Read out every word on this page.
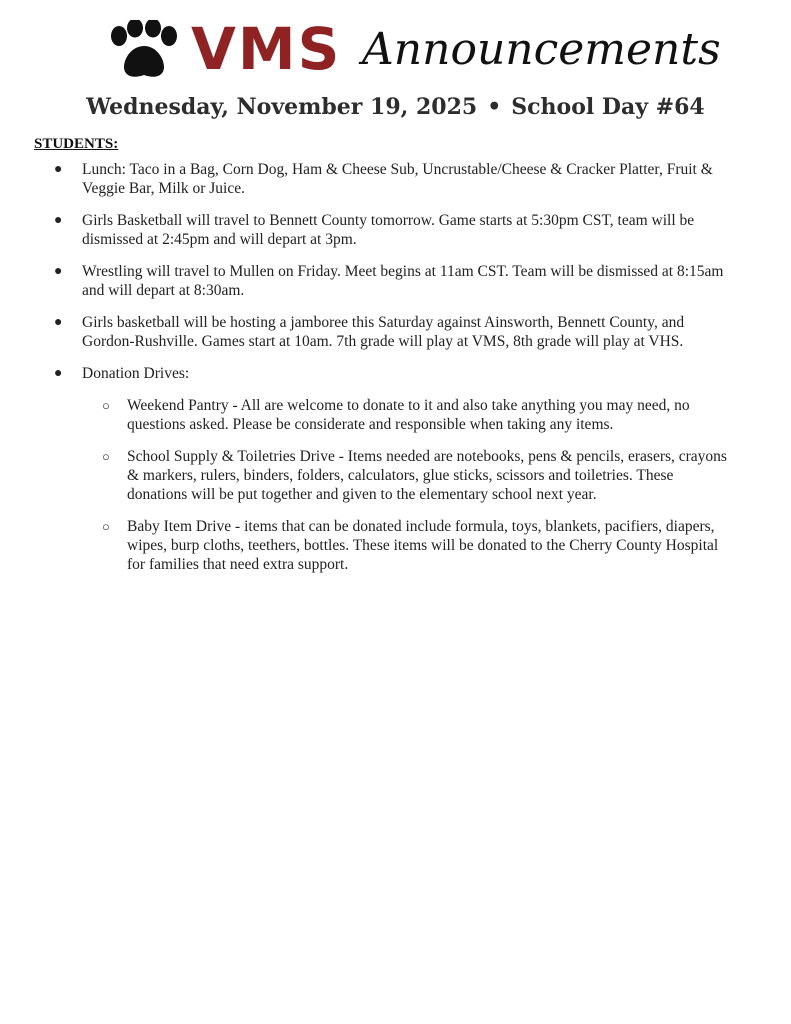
VMS Announcements
Wednesday, November 19, 2025 • School Day #64
STUDENTS:
● Lunch: Taco in a Bag, Corn Dog, Ham & Cheese Sub, Uncrustable/Cheese & Cracker Platter, Fruit & Veggie Bar, Milk or Juice.
● Girls Basketball will travel to Bennett County tomorrow. Game starts at 5:30pm CST, team will be dismissed at 2:45pm and will depart at 3pm.
● Wrestling will travel to Mullen on Friday. Meet begins at 11am CST. Team will be dismissed at 8:15am and will depart at 8:30am.
● Girls basketball will be hosting a jamboree this Saturday against Ainsworth, Bennett County, and Gordon-Rushville. Games start at 10am. 7th grade will play at VMS, 8th grade will play at VHS.
● Donation Drives:
○ Weekend Pantry - All are welcome to donate to it and also take anything you may need, no questions asked. Please be considerate and responsible when taking any items.
○ School Supply & Toiletries Drive - Items needed are notebooks, pens & pencils, erasers, crayons & markers, rulers, binders, folders, calculators, glue sticks, scissors and toiletries. These donations will be put together and given to the elementary school next year.
○ Baby Item Drive - items that can be donated include formula, toys, blankets, pacifiers, diapers, wipes, burp cloths, teethers, bottles. These items will be donated to the Cherry County Hospital for families that need extra support.
